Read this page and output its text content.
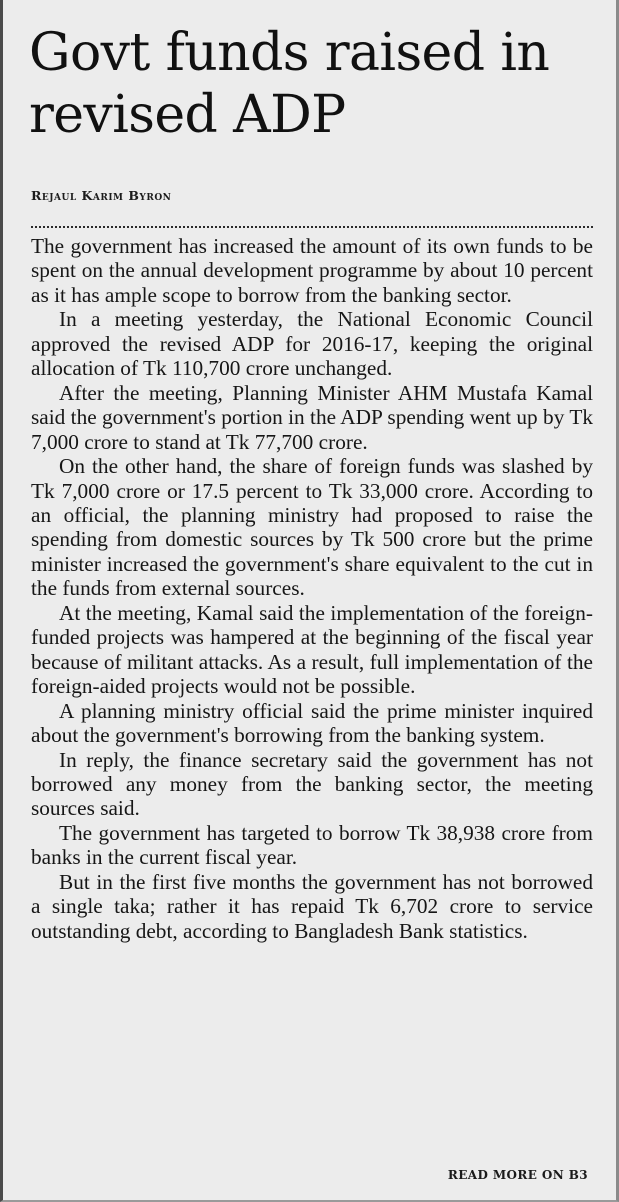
Govt funds raised in revised ADP
Rejaul Karim Byron

The government has increased the amount of its own funds to be spent on the annual development programme by about 10 percent as it has ample scope to borrow from the banking sector.

In a meeting yesterday, the National Economic Council approved the revised ADP for 2016-17, keeping the original allocation of Tk 110,700 crore unchanged.

After the meeting, Planning Minister AHM Mustafa Kamal said the government's portion in the ADP spending went up by Tk 7,000 crore to stand at Tk 77,700 crore.

On the other hand, the share of foreign funds was slashed by Tk 7,000 crore or 17.5 percent to Tk 33,000 crore. According to an official, the planning ministry had proposed to raise the spending from domestic sources by Tk 500 crore but the prime minister increased the government's share equivalent to the cut in the funds from external sources.

At the meeting, Kamal said the implementation of the foreign-funded projects was hampered at the beginning of the fiscal year because of militant attacks. As a result, full implementation of the foreign-aided projects would not be possible.

A planning ministry official said the prime minister inquired about the government's borrowing from the banking system.

In reply, the finance secretary said the government has not borrowed any money from the banking sector, the meeting sources said.

The government has targeted to borrow Tk 38,938 crore from banks in the current fiscal year.

But in the first five months the government has not borrowed a single taka; rather it has repaid Tk 6,702 crore to service outstanding debt, according to Bangladesh Bank statistics.

READ MORE ON B3
